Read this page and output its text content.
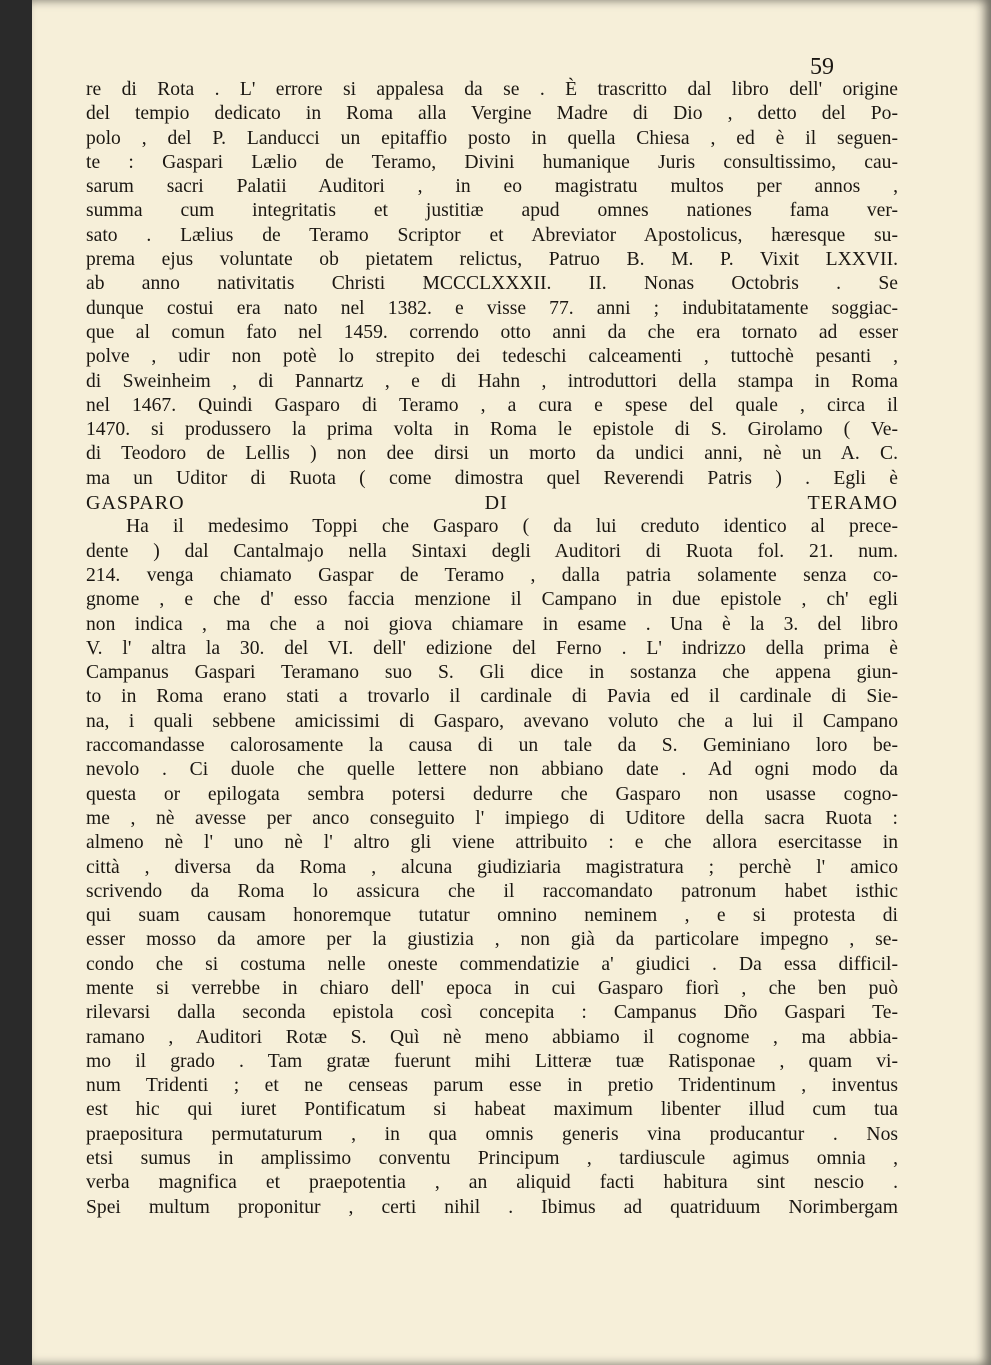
59

re di Rota . L' errore si appalesa da se . È trascritto dal libro dell' origine
del tempio dedicato in Roma alla Vergine Madre di Dio , detto del Po-
polo , del P. Landucci un epitaffio posto in quella Chiesa , ed è il seguen-
te : Gaspari Lælio de Teramo, Divini humanique Juris consultissimo, cau-
sarum sacri Palatii Auditori , in eo magistratu multos per annos ,
summa cum integritatis et justitiæ apud omnes nationes fama ver-
sato . Lælius de Teramo Scriptor et Abreviator Apostolicus, hæresque su-
prema ejus voluntate ob pietatem relictus, Patruo B. M. P. Vixit LXXVII.
ab anno nativitatis Christi MCCCLXXXII. II. Nonas Octobris . Se
dunque costui era nato nel 1382. e visse 77. anni ; indubitatamente soggiac-
que al comun fato nel 1459. correndo otto anni da che era tornato ad esser
polve , udir non potè lo strepito dei tedeschi calceamenti , tuttochè pesanti ,
di Sweinheim , di Pannartz , e di Hahn , introduttori della stampa in Roma
nel 1467. Quindi Gasparo di Teramo , a cura e spese del quale , circa il
1470. si produssero la prima volta in Roma le epistole di S. Girolamo ( Ve-
di Teodoro de Lellis ) non dee dirsi un morto da undici anni, nè un A. C.
ma un Uditor di Ruota ( come dimostra quel Reverendi Patris ) . Egli è

GASPARO DI TERAMO

Ha il medesimo Toppi che Gasparo ( da lui creduto identico al prece-
dente ) dal Cantalmajo nella Sintaxi degli Auditori di Ruota fol. 21. num.
214. venga chiamato Gaspar de Teramo , dalla patria solamente senza co-
gnome , e che d' esso faccia menzione il Campano in due epistole , ch' egli
non indica , ma che a noi giova chiamare in esame . Una è la 3. del libro
V. l' altra la 30. del VI. dell' edizione del Ferno . L' indrizzo della prima è
Campanus Gaspari Teramano suo S. Gli dice in sostanza che appena giun-
to in Roma erano stati a trovarlo il cardinale di Pavia ed il cardinale di Sie-
na, i quali sebbene amicissimi di Gasparo, avevano voluto che a lui il Campano
raccomandasse calorosamente la causa di un tale da S. Geminiano loro be-
nevolo . Ci duole che quelle lettere non abbiano date . Ad ogni modo da
questa or epilogata sembra potersi dedurre che Gasparo non usasse cogno-
me , nè avesse per anco conseguito l' impiego di Uditore della sacra Ruota :
almeno nè l' uno nè l' altro gli viene attribuito : e che allora esercitasse in
città , diversa da Roma , alcuna giudiziaria magistratura ; perchè l' amico
scrivendo da Roma lo assicura che il raccomandato patronum habet isthic
qui suam causam honoremque tutatur omnino neminem , e si protesta di
esser mosso da amore per la giustizia , non già da particolare impegno , se-
condo che si costuma nelle oneste commendatizie a' giudici . Da essa difficil-
mente si verrebbe in chiaro dell' epoca in cui Gasparo fiorì , che ben può
rilevarsi dalla seconda epistola così concepita : Campanus Dño Gaspari Te-
ramano , Auditori Rotæ S. Quì nè meno abbiamo il cognome , ma abbia-
mo il grado . Tam gratæ fuerunt mihi Litteræ tuæ Ratisponae , quam vi-
num Tridenti ; et ne censeas parum esse in pretio Tridentinum , inventus
est hic qui iuret Pontificatum si habeat maximum libenter illud cum tua
praepositura permutaturum , in qua omnis generis vina producantur . Nos
etsi sumus in amplissimo conventu Principum , tardiuscule agimus omnia ,
verba magnifica et praepotentia , an aliquid facti habitura sint nescio .
Spei multum proponitur , certi nihil . Ibimus ad quatriduum Norimbergam
